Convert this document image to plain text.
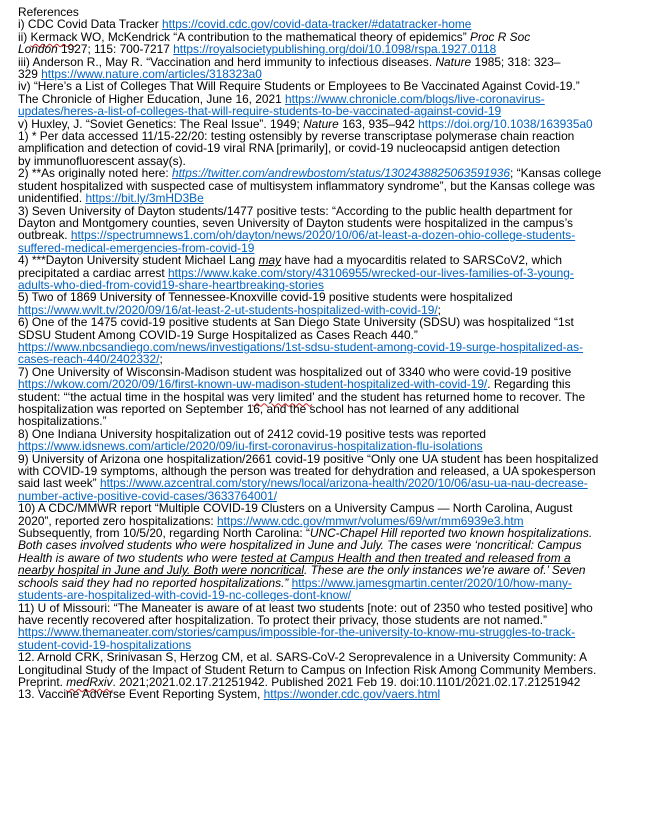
References
i) CDC Covid Data Tracker https://covid.cdc.gov/covid-data-tracker/#datatracker-home
ii) Kermack WO, McKendrick “A contribution to the mathematical theory of epidemics” Proc R Soc
London 1927; 115: 700-7217 https://royalsocietypublishing.org/doi/10.1098/rspa.1927.0118
iii) Anderson R., May R. “Vaccination and herd immunity to infectious diseases. Nature 1985; 318: 323–
329 https://www.nature.com/articles/318323a0
iv) “Here’s a List of Colleges That Will Require Students or Employees to Be Vaccinated Against Covid-19.”
The Chronicle of Higher Education, June 16, 2021 https://www.chronicle.com/blogs/live-coronavirus-
updates/heres-a-list-of-colleges-that-will-require-students-to-be-vaccinated-against-covid-19
v) Huxley, J. “Soviet Genetics: The Real Issue”. 1949; Nature 163, 935–942 https://doi.org/10.1038/163935a0
1) * Per data accessed 11/15-22/20: testing ostensibly by reverse transcriptase polymerase chain reaction
amplification and detection of covid-19 viral RNA [primarily], or covid-19 nucleocapsid antigen detection
by immunofluorescent assay(s).
2) **As originally noted here: https://twitter.com/andrewbostom/status/1302438825063591936; “Kansas college
student hospitalized with suspected case of multisystem inflammatory syndrome”, but the Kansas college was
unidentified. https://bit.ly/3mHD3Be
3) Seven University of Dayton students/1477 positive tests: “According to the public health department for
Dayton and Montgomery counties, seven University of Dayton students were hospitalized in the campus’s
outbreak. https://spectrumnews1.com/oh/dayton/news/2020/10/06/at-least-a-dozen-ohio-college-students-
suffered-medical-emergencies-from-covid-19
4) ***Dayton University student Michael Lang may have had a myocarditis related to SARSCoV2, which
precipitated a cardiac arrest https://www.kake.com/story/43106955/wrecked-our-lives-families-of-3-young-
adults-who-died-from-covid19-share-heartbreaking-stories
5) Two of 1869 University of Tennessee-Knoxville covid-19 positive students were hospitalized
https://www.wvlt.tv/2020/09/16/at-least-2-ut-students-hospitalized-with-covid-19/;
6) One of the 1475 covid-19 positive students at San Diego State University (SDSU) was hospitalized “1st
SDSU Student Among COVID-19 Surge Hospitalized as Cases Reach 440.”
https://www.nbcsandiego.com/news/investigations/1st-sdsu-student-among-covid-19-surge-hospitalized-as-
cases-reach-440/2402332/;
7) One University of Wisconsin-Madison student was hospitalized out of 3340 who were covid-19 positive
https://wkow.com/2020/09/16/first-known-uw-madison-student-hospitalized-with-covid-19/. Regarding this
student: “‘the actual time in the hospital was very limited’ and the student has returned home to recover. The
hospitalization was reported on September 16, and the school has not learned of any additional
hospitalizations.”
8) One Indiana University hospitalization out of 2412 covid-19 positive tests was reported
https://www.idsnews.com/article/2020/09/iu-first-coronavirus-hospitalization-flu-isolations
9) University of Arizona one hospitalization/2661 covid-19 positive “Only one UA student has been hospitalized
with COVID-19 symptoms, although the person was treated for dehydration and released, a UA spokesperson
said last week” https://www.azcentral.com/story/news/local/arizona-health/2020/10/06/asu-ua-nau-decrease-
number-active-positive-covid-cases/3633764001/
10) A CDC/MMWR report “Multiple COVID-19 Clusters on a University Campus — North Carolina, August
2020”, reported zero hospitalizations: https://www.cdc.gov/mmwr/volumes/69/wr/mm6939e3.htm
Subsequently, from 10/5/20, regarding North Carolina: “UNC-Chapel Hill reported two known hospitalizations.
Both cases involved students who were hospitalized in June and July. The cases were ‘noncritical: Campus
Health is aware of two students who were tested at Campus Health and then treated and released from a
nearby hospital in June and July. Both were noncritical. These are the only instances we’re aware of.’ Seven
schools said they had no reported hospitalizations.” https://www.jamesgmartin.center/2020/10/how-many-
students-are-hospitalized-with-covid-19-nc-colleges-dont-know/
11) U of Missouri: “The Maneater is aware of at least two students [note: out of 2350 who tested positive] who
have recently recovered after hospitalization. To protect their privacy, those students are not named.”
https://www.themaneater.com/stories/campus/impossible-for-the-university-to-know-mu-struggles-to-track-
student-covid-19-hospitalizations
12. Arnold CRK, Srinivasan S, Herzog CM, et al. SARS-CoV-2 Seroprevalence in a University Community: A
Longitudinal Study of the Impact of Student Return to Campus on Infection Risk Among Community Members.
Preprint. medRxiv. 2021;2021.02.17.21251942. Published 2021 Feb 19. doi:10.1101/2021.02.17.21251942
13. Vaccine Adverse Event Reporting System, https://wonder.cdc.gov/vaers.html
